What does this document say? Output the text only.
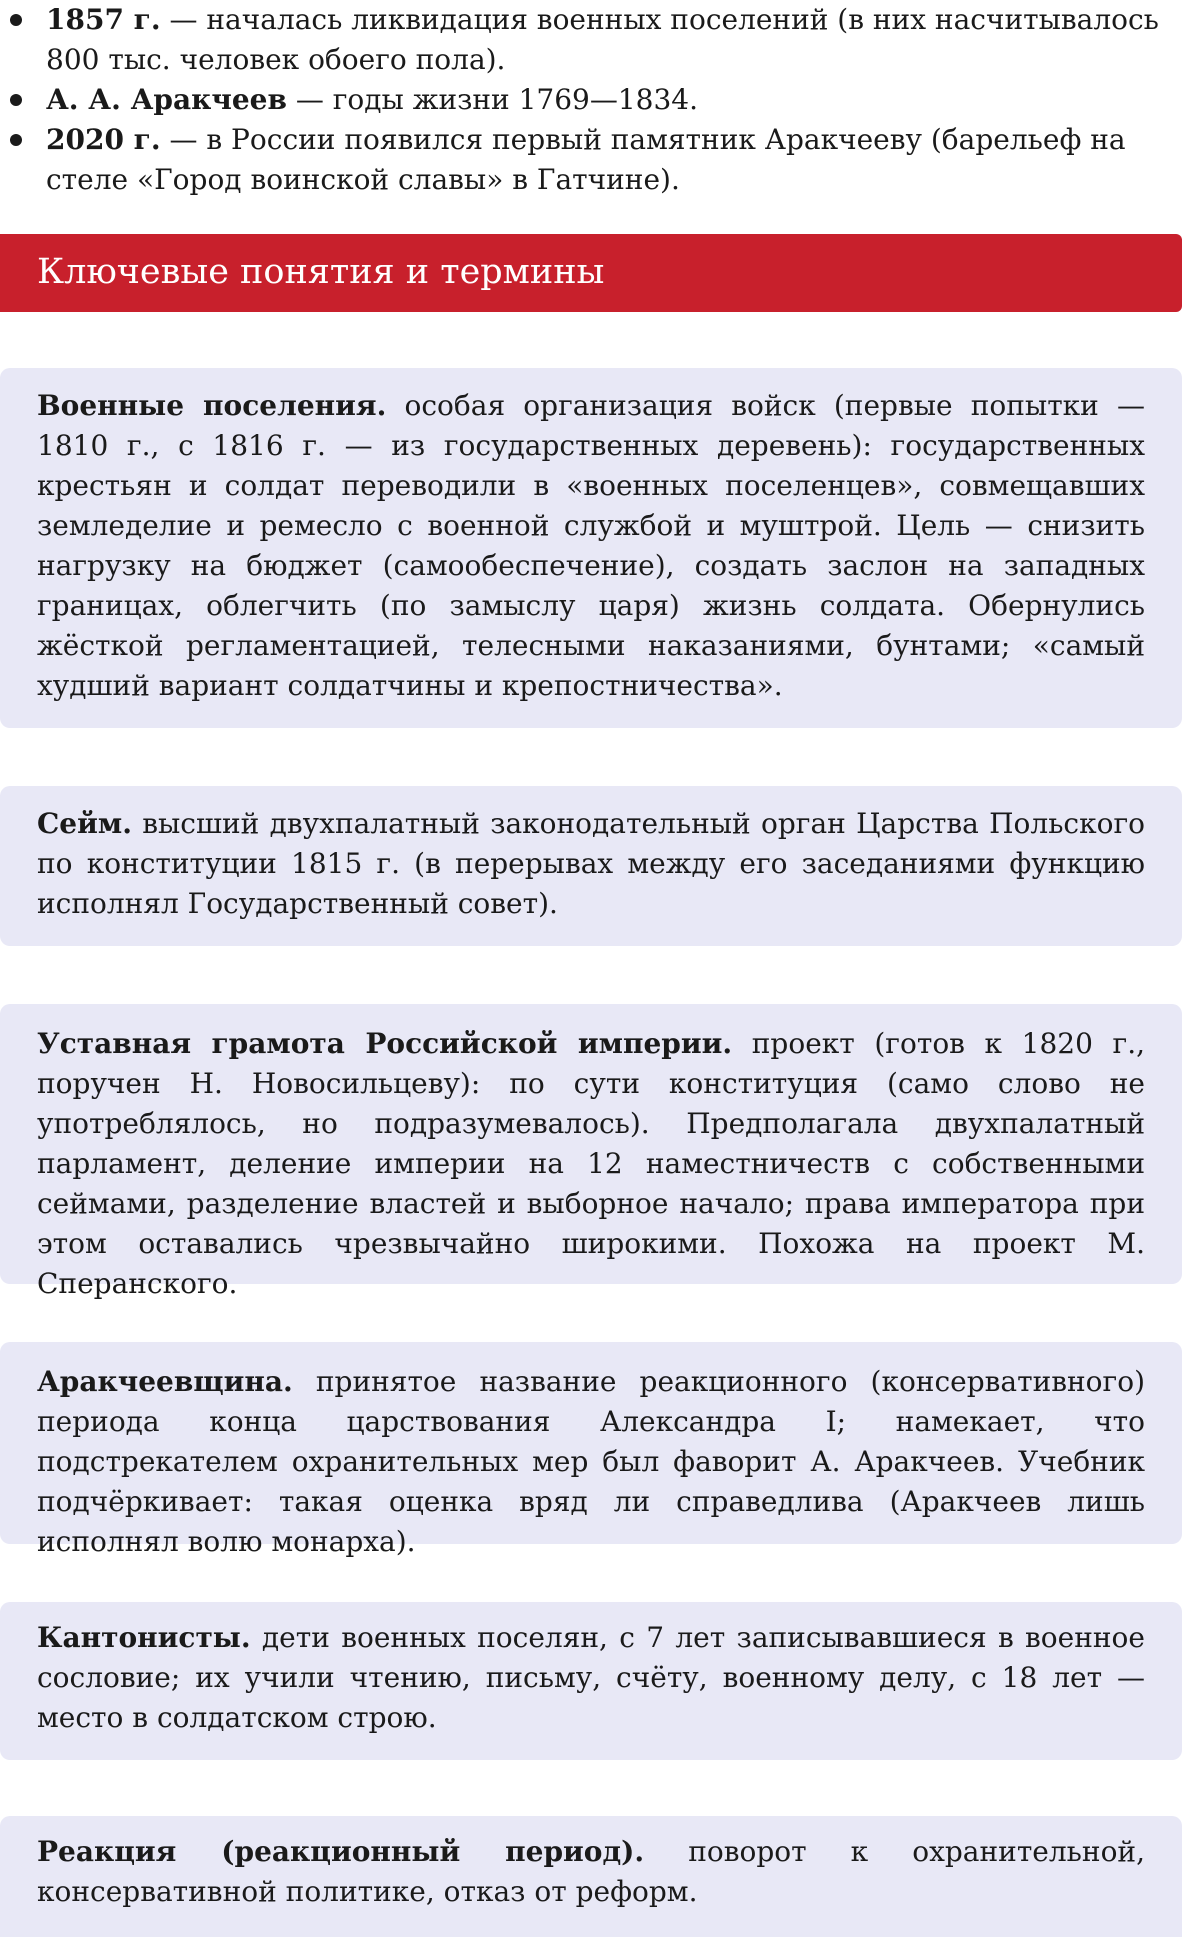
1857 г. — началась ликвидация военных поселений (в них насчитывалось 800 тыс. человек обоего пола).
А. А. Аракчеев — годы жизни 1769—1834.
2020 г. — в России появился первый памятник Аракчееву (барельеф на стеле «Город воинской славы» в Гатчине).
Ключевые понятия и термины

Военные поселения. особая организация войск (первые попытки — 1810 г., с 1816 г. — из государственных деревень): государственных крестьян и солдат переводили в «военных поселенцев», совмещавших земледелие и ремесло с военной службой и муштрой. Цель — снизить нагрузку на бюджет (самообеспечение), создать заслон на западных границах, облегчить (по замыслу царя) жизнь солдата. Обернулись жёсткой регламентацией, телесными наказаниями, бунтами; «самый худший вариант солдатчины и крепостничества».

Сейм. высший двухпалатный законодательный орган Царства Польского по конституции 1815 г. (в перерывах между его заседаниями функцию исполнял Государственный совет).

Уставная грамота Российской империи. проект (готов к 1820 г., поручен Н. Новосильцеву): по сути конституция (само слово не употреблялось, но подразумевалось). Предполагала двухпалатный парламент, деление империи на 12 наместничеств с собственными сеймами, разделение властей и выборное начало; права императора при этом оставались чрезвычайно широкими. Похожа на проект М. Сперанского.

Аракчеевщина. принятое название реакционного (консервативного) периода конца царствования Александра I; намекает, что подстрекателем охранительных мер был фаворит А. Аракчеев. Учебник подчёркивает: такая оценка вряд ли справедлива (Аракчеев лишь исполнял волю монарха).

Кантонисты. дети военных поселян, с 7 лет записывавшиеся в военное сословие; их учили чтению, письму, счёту, военному делу, с 18 лет — место в солдатском строю.

Реакция (реакционный период). поворот к охранительной, консервативной политике, отказ от реформ.
